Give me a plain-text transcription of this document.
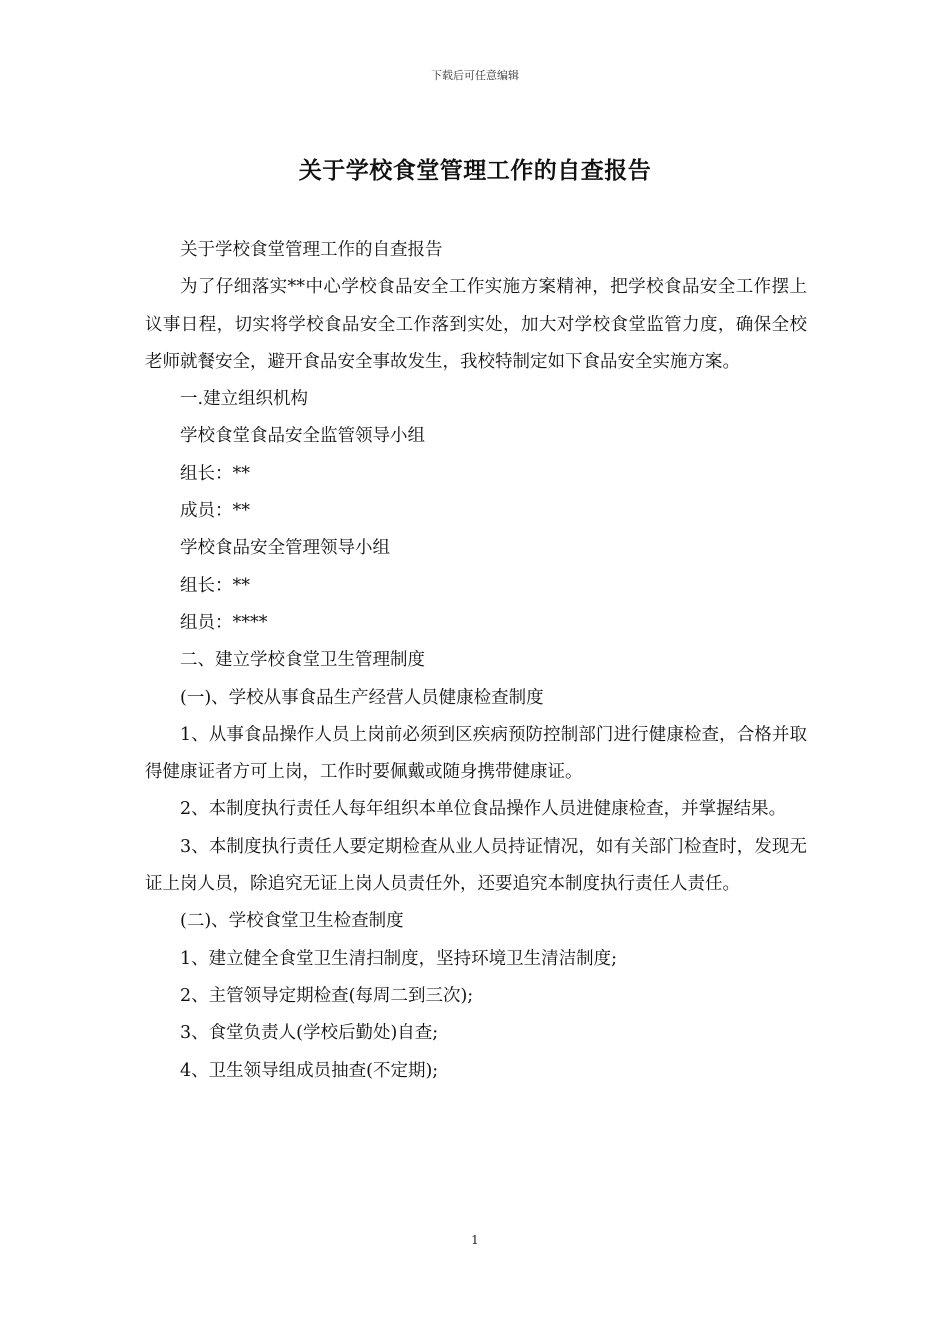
下载后可任意编辑
关于学校食堂管理工作的自查报告

关于学校食堂管理工作的自查报告

为了仔细落实**中心学校食品安全工作实施方案精神，把学校食品安全工作摆上议事日程，切实将学校食品安全工作落到实处，加大对学校食堂监管力度，确保全校老师就餐安全，避开食品安全事故发生，我校特制定如下食品安全实施方案。

一.建立组织机构

学校食堂食品安全监管领导小组

组长：**

成员：**

学校食品安全管理领导小组

组长：**

组员：****

二、建立学校食堂卫生管理制度

(一)、学校从事食品生产经营人员健康检查制度

1、从事食品操作人员上岗前必须到区疾病预防控制部门进行健康检查，合格并取得健康证者方可上岗，工作时要佩戴或随身携带健康证。

2、本制度执行责任人每年组织本单位食品操作人员进健康检查，并掌握结果。

3、本制度执行责任人要定期检查从业人员持证情况，如有关部门检查时，发现无证上岗人员，除追究无证上岗人员责任外，还要追究本制度执行责任人责任。

(二)、学校食堂卫生检查制度

1、建立健全食堂卫生清扫制度，坚持环境卫生清洁制度;

2、主管领导定期检查(每周二到三次);

3、食堂负责人(学校后勤处)自查;

4、卫生领导组成员抽查(不定期);

1
